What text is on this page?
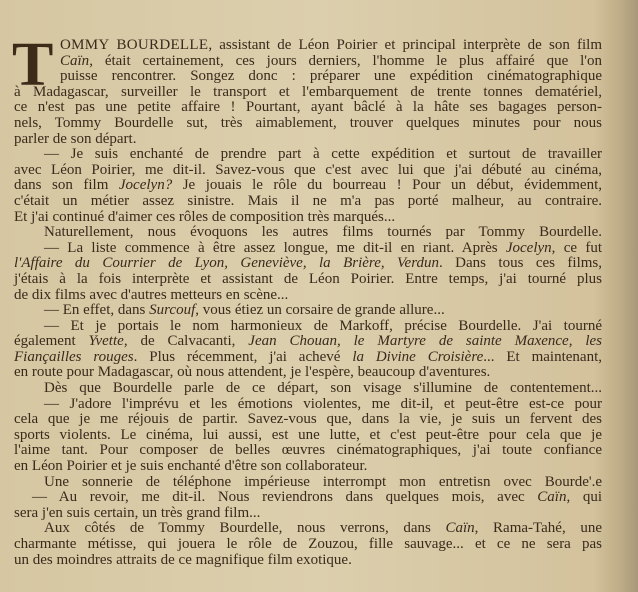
T OMMY BOURDELLE, assistant de Léon Poirier et principal interprète de son film
Caïn, était certainement, ces jours derniers, l'homme le plus affairé que l'on
puisse rencontrer. Songez donc : préparer une expédition cinématographique
à Madagascar, surveiller le transport et l'embarquement de trente tonnes dematériel,
ce n'est pas une petite affaire ! Pourtant, ayant bâclé à la hâte ses bagages person-
nels, Tommy Bourdelle sut, très aimablement, trouver quelques minutes pour nous
parler de son départ.
— Je suis enchanté de prendre part à cette expédition et surtout de travailler
avec Léon Poirier, me dit-il. Savez-vous que c'est avec lui que j'ai débuté au cinéma,
dans son film Jocelyn? Je jouais le rôle du bourreau ! Pour un début, évidemment,
c'était un métier assez sinistre. Mais il ne m'a pas porté malheur, au contraire.
Et j'ai continué d'aimer ces rôles de composition très marqués...
Naturellement, nous évoquons les autres films tournés par Tommy Bourdelle.
— La liste commence à être assez longue, me dit-il en riant. Après Jocelyn, ce fut
l'Affaire du Courrier de Lyon, Geneviève, la Brière, Verdun. Dans tous ces films,
j'étais à la fois interprète et assistant de Léon Poirier. Entre temps, j'ai tourné plus
de dix films avec d'autres metteurs en scène...
— En effet, dans Surcouf, vous étiez un corsaire de grande allure...
— Et je portais le nom harmonieux de Markoff, précise Bourdelle. J'ai tourné
également Yvette, de Calvacanti, Jean Chouan, le Martyre de sainte Maxence, les
Fiançailles rouges. Plus récemment, j'ai achevé la Divine Croisière... Et maintenant,
en route pour Madagascar, où nous attendent, je l'espère, beaucoup d'aventures.
Dès que Bourdelle parle de ce départ, son visage s'illumine de contentement...
— J'adore l'imprévu et les émotions violentes, me dit-il, et peut-être est-ce pour
cela que je me réjouis de partir. Savez-vous que, dans la vie, je suis un fervent des
sports violents. Le cinéma, lui aussi, est une lutte, et c'est peut-être pour cela que je
l'aime tant. Pour composer de belles œuvres cinématographiques, j'ai toute confiance
en Léon Poirier et je suis enchanté d'être son collaborateur.
Une sonnerie de téléphone impérieuse interrompt mon entretisn ovec Bourde'.e
— Au revoir, me dit-il. Nous reviendrons dans quelques mois, avec Caïn, qui
sera j'en suis certain, un très grand film...
Aux côtés de Tommy Bourdelle, nous verrons, dans Caïn, Rama-Tahé, une
charmante métisse, qui jouera le rôle de Zouzou, fille sauvage... et ce ne sera pas
un des moindres attraits de ce magnifique film exotique.
